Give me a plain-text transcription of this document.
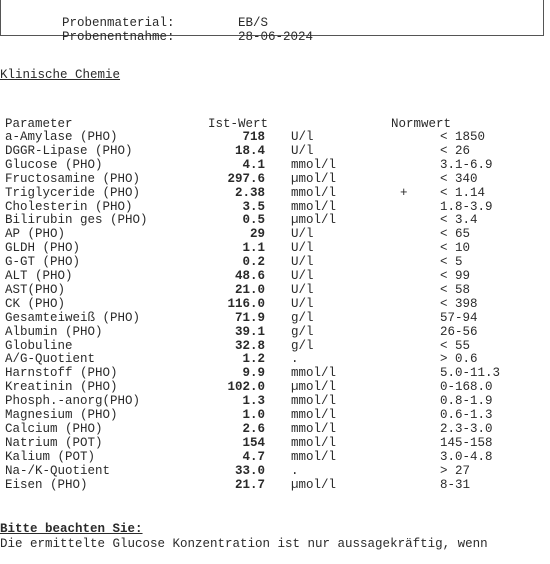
Probenmaterial:	EB/S

Probenentnahme:	28-06-2024

Klinische Chemie
Parameter	Ist-Wert	Normwert
a-Amylase (PHO)	718 U/l	< 1850
DGGR-Lipase (PHO)	18.4 U/l	< 26
Glucose (PHO)	4.1 mmol/l	3.1-6.9
Fructosamine (PHO)	297.6 µmol/l	< 340
Triglyceride (PHO)	2.38 mmol/l	+	< 1.14
Cholesterin (PHO)	3.5 mmol/l	1.8-3.9
Bilirubin ges (PHO)	0.5 µmol/l	< 3.4
AP (PHO)	29 U/l	< 65
GLDH (PHO)	1.1 U/l	< 10
G-GT (PHO)	0.2 U/l	< 5
ALT (PHO)	48.6 U/l	< 99
AST(PHO)	21.0 U/l	< 58
CK (PHO)	116.0 U/l	< 398
Gesamteiweiß (PHO)	71.9 g/l	57-94
Albumin (PHO)	39.1 g/l	26-56
Globuline	32.8 g/l	< 55
A/G-Quotient	1.2 .	> 0.6
Harnstoff (PHO)	9.9 mmol/l	5.0-11.3
Kreatinin (PHO)	102.0 µmol/l	0-168.0
Phosph.-anorg(PHO)	1.3 mmol/l	0.8-1.9
Magnesium (PHO)	1.0 mmol/l	0.6-1.3
Calcium (PHO)	2.6 mmol/l	2.3-3.0
Natrium (POT)	154 mmol/l	145-158
Kalium (POT)	4.7 mmol/l	3.0-4.8
Na-/K-Quotient	33.0 .	> 27
Eisen (PHO)	21.7 µmol/l	8-31
Bitte beachten Sie:
Die ermittelte Glucose Konzentration ist nur aussagekräftig, wenn
